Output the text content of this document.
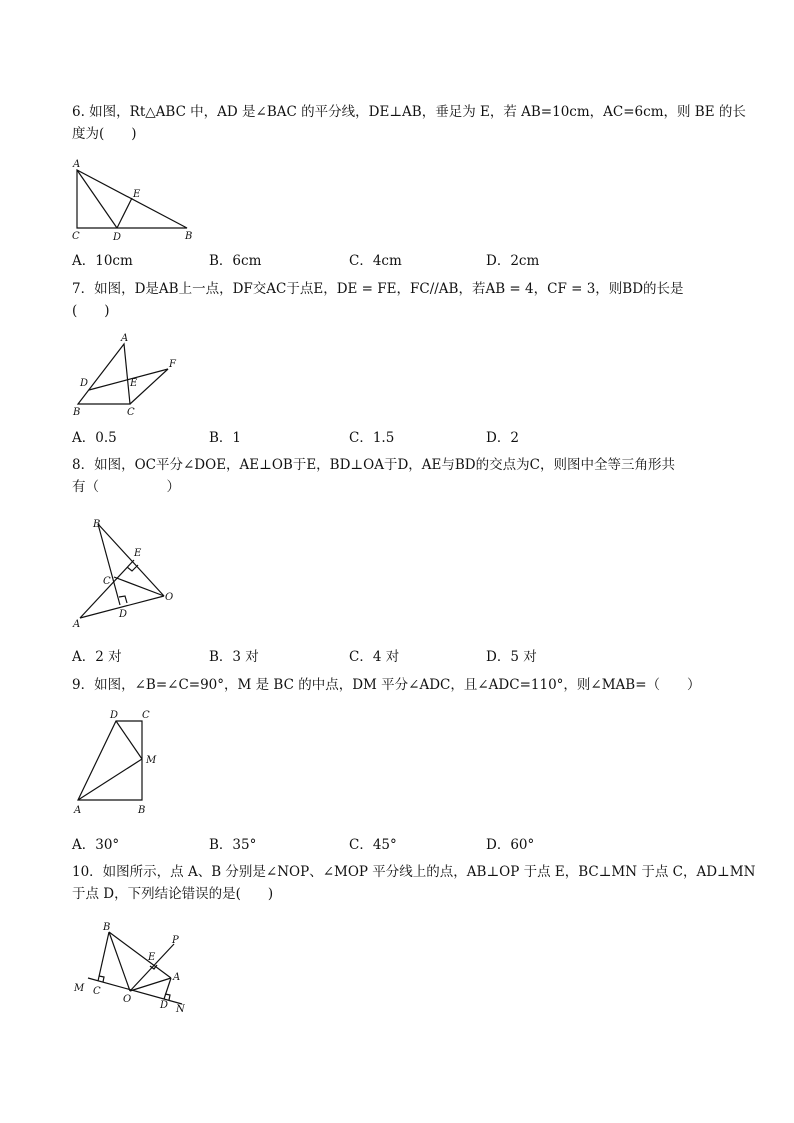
6. 如图，Rt△ABC 中，AD 是∠BAC 的平分线，DE⊥AB，垂足为 E，若 AB=10cm，AC=6cm，则 BE 的长
度为(　　)
A
E
C	D	B
A．10cm	B．6cm	C．4cm	D．2cm
7．如图，D是AB上一点，DF交AC于点E，DE = FE，FC//AB，若AB = 4，CF = 3，则BD的长是
(　　)
A
F
D	E
B	C
A．0.5	B．1	C．1.5	D．2
8．如图，OC平分∠DOE，AE⊥OB于E，BD⊥OA于D，AE与BD的交点为C，则图中全等三角形共
有（　　　　　）
B
E
C
O
D
A
A．2 对	B．3 对	C．4 对	D．5 对
9．如图，∠B=∠C=90°，M 是 BC 的中点，DM 平分∠ADC，且∠ADC=110°，则∠MAB=（　　）
D C
M
A	B
A．30°	B．35°	C．45°	D．60°
10．如图所示，点 A、B 分别是∠NOP、∠MOP 平分线上的点，AB⊥OP 于点 E，BC⊥MN 于点 C，AD⊥MN
于点 D，下列结论错误的是(　　)
B
P
E
A
M C
O
D N
